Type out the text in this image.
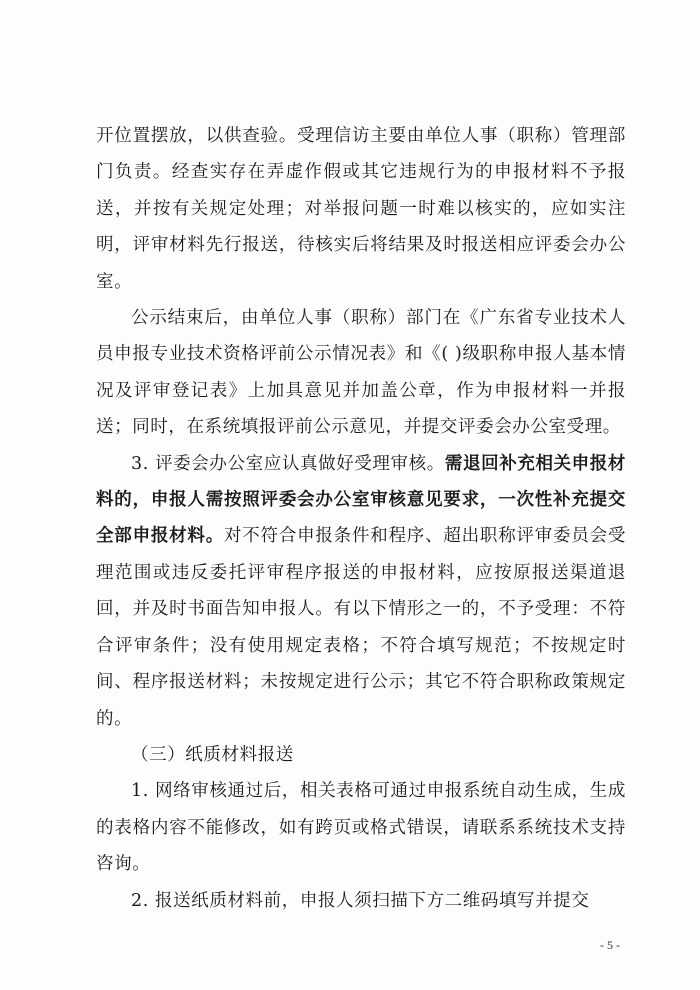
开位置摆放，以供查验。受理信访主要由单位人事（职称）管理部门负责。经查实存在弄虚作假或其它违规行为的申报材料不予报送，并按有关规定处理；对举报问题一时难以核实的，应如实注明，评审材料先行报送，待核实后将结果及时报送相应评委会办公室。

公示结束后，由单位人事（职称）部门在《广东省专业技术人员申报专业技术资格评前公示情况表》和《( )级职称申报人基本情况及评审登记表》上加具意见并加盖公章，作为申报材料一并报送；同时，在系统填报评前公示意见，并提交评委会办公室受理。

3. 评委会办公室应认真做好受理审核。需退回补充相关申报材料的，申报人需按照评委会办公室审核意见要求，一次性补充提交全部申报材料。对不符合申报条件和程序、超出职称评审委员会受理范围或违反委托评审程序报送的申报材料，应按原报送渠道退回，并及时书面告知申报人。有以下情形之一的，不予受理：不符合评审条件；没有使用规定表格；不符合填写规范；不按规定时间、程序报送材料；未按规定进行公示；其它不符合职称政策规定的。

（三）纸质材料报送

1. 网络审核通过后，相关表格可通过申报系统自动生成，生成的表格内容不能修改，如有跨页或格式错误，请联系系统技术支持咨询。

2. 报送纸质材料前，申报人须扫描下方二维码填写并提交

- 5 -
